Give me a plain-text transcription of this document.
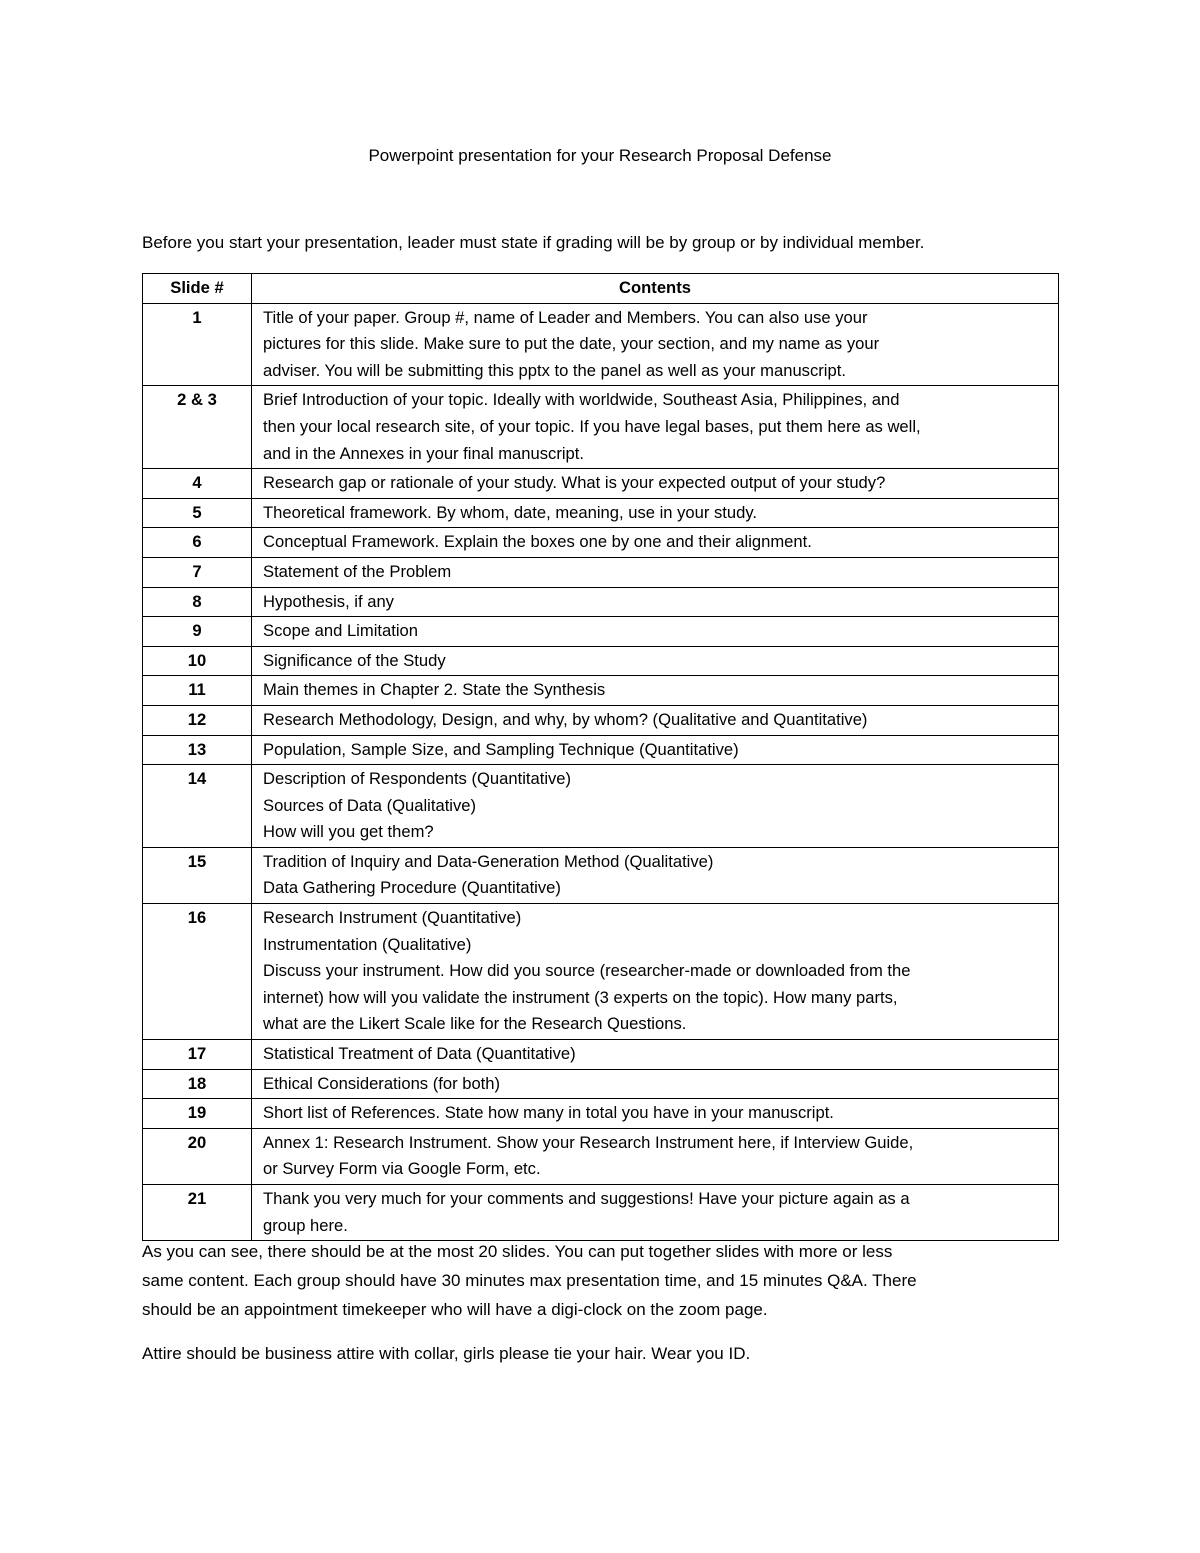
Powerpoint presentation for your Research Proposal Defense

Before you start your presentation, leader must state if grading will be by group or by individual member.

Slide #	Contents
1	Title of your paper. Group #, name of Leader and Members. You can also use your
pictures for this slide. Make sure to put the date, your section, and my name as your
adviser. You will be submitting this pptx to the panel as well as your manuscript.

2 & 3	Brief Introduction of your topic. Ideally with worldwide, Southeast Asia, Philippines, and
then your local research site, of your topic. If you have legal bases, put them here as well,
and in the Annexes in your final manuscript.

4	Research gap or rationale of your study. What is your expected output of your study?

5	Theoretical framework. By whom, date, meaning, use in your study.

6	Conceptual Framework. Explain the boxes one by one and their alignment.

7	Statement of the Problem

8	Hypothesis, if any

9	Scope and Limitation

10	Significance of the Study

11	Main themes in Chapter 2. State the Synthesis

12	Research Methodology, Design, and why, by whom? (Qualitative and Quantitative)

13	Population, Sample Size, and Sampling Technique (Quantitative)

14	Description of Respondents (Quantitative)
Sources of Data (Qualitative)
How will you get them?

15	Tradition of Inquiry and Data-Generation Method (Qualitative)
Data Gathering Procedure (Quantitative)

16	Research Instrument (Quantitative)
Instrumentation (Qualitative)
Discuss your instrument. How did you source (researcher-made or downloaded from the
internet) how will you validate the instrument (3 experts on the topic). How many parts,
what are the Likert Scale like for the Research Questions.

17	Statistical Treatment of Data (Quantitative)

18	Ethical Considerations (for both)

19	Short list of References. State how many in total you have in your manuscript.

20	Annex 1: Research Instrument. Show your Research Instrument here, if Interview Guide,
or Survey Form via Google Form, etc.

21	Thank you very much for your comments and suggestions! Have your picture again as a
group here.

As you can see, there should be at the most 20 slides. You can put together slides with more or less
same content. Each group should have 30 minutes max presentation time, and 15 minutes Q&A. There
should be an appointment timekeeper who will have a digi-clock on the zoom page.

Attire should be business attire with collar, girls please tie your hair. Wear you ID.
